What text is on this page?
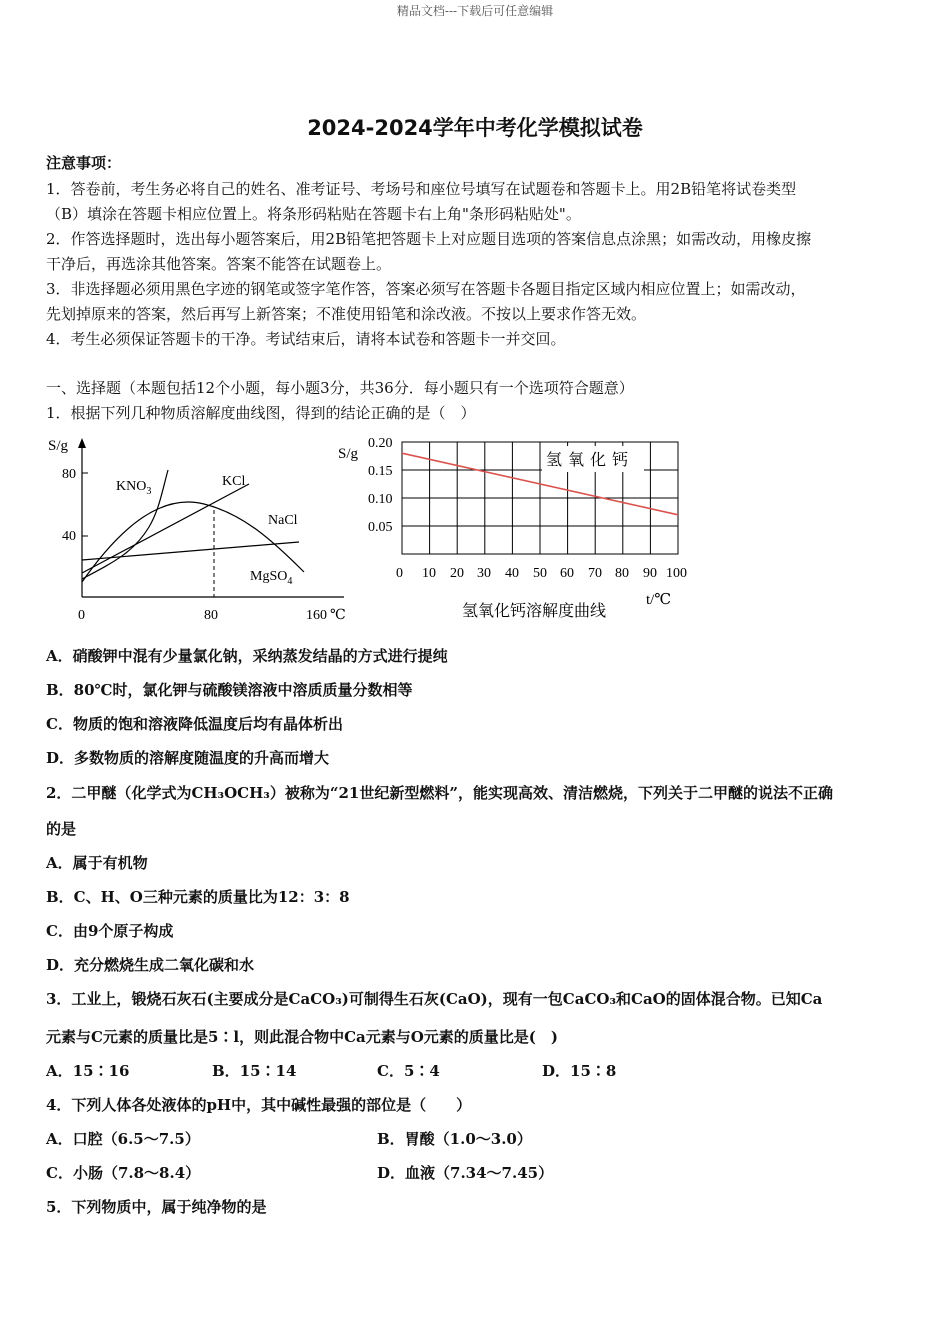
精品文档---下载后可任意编辑
2024-2024学年中考化学模拟试卷
注意事项：
1．答卷前，考生务必将自己的姓名、准考证号、考场号和座位号填写在试题卷和答题卡上。用2B铅笔将试卷类型
（B）填涂在答题卡相应位置上。将条形码粘贴在答题卡右上角"条形码粘贴处"。
2．作答选择题时，选出每小题答案后，用2B铅笔把答题卡上对应题目选项的答案信息点涂黑；如需改动，用橡皮擦
干净后，再选涂其他答案。答案不能答在试题卷上。
3．非选择题必须用黑色字迹的钢笔或签字笔作答，答案必须写在答题卡各题目指定区域内相应位置上；如需改动，
先划掉原来的答案，然后再写上新答案；不准使用铅笔和涂改液。不按以上要求作答无效。
4．考生必须保证答题卡的干净。考试结束后，请将本试卷和答题卡一并交回。
一、选择题（本题包括12个小题，每小题3分，共36分．每小题只有一个选项符合题意）
1．根据下列几种物质溶解度曲线图，得到的结论正确的是（　）
S/g
80
40
0	80	160 ℃
$KNO_3$
KCl
NaCl
MgSO$_4$
S/g
0.20
0.15
0.10
0.05
0 10 20 30 40 50 60 70 80 90 100
氢氧化钙
t/℃
氢氧化钙溶解度曲线
A．硝酸钾中混有少量氯化钠，采纳蒸发结晶的方式进行提纯
B．80℃时，氯化钾与硫酸镁溶液中溶质质量分数相等
C．物质的饱和溶液降低温度后均有晶体析出
D．多数物质的溶解度随温度的升高而增大
2．二甲醚（化学式为CH₃OCH₃）被称为“21世纪新型燃料”，能实现高效、清洁燃烧，下列关于二甲醚的说法不正确
的是
A．属于有机物
B．C、H、O三种元素的质量比为12：3：8
C．由9个原子构成
D．充分燃烧生成二氧化碳和水
3．工业上，锻烧石灰石(主要成分是CaCO₃)可制得生石灰(CaO)，现有一包CaCO₃和CaO的固体混合物。已知Ca
元素与C元素的质量比是5∶l，则此混合物中Ca元素与O元素的质量比是(　)
A．15∶16	B．15∶14	C．5∶4	D．15∶8
4．下列人体各处液体的pH中，其中碱性最强的部位是（　　）
A．口腔（6.5～7.5）	B．胃酸（1.0～3.0）
C．小肠（7.8～8.4）	D．血液（7.34～7.45）
5．下列物质中，属于纯净物的是
